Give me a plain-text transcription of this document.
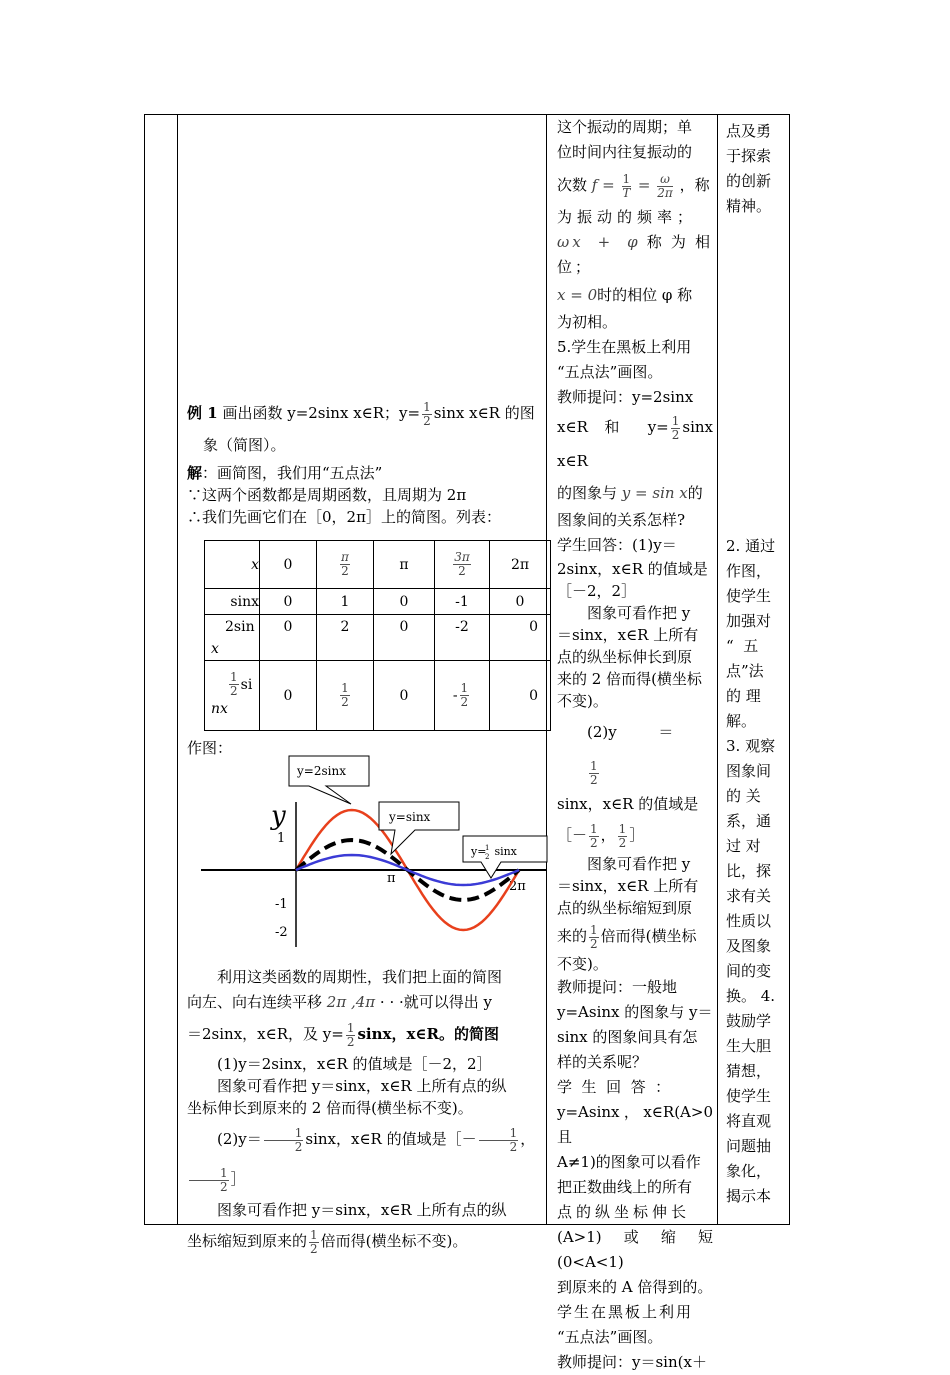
这个振动的周期；单

位时间内往复振动的

次数 $f = \frac{1}{T} = \frac{\omega}{2\pi}$ ，称

为振动的频率；

ωx + φ称为相位；

x = 0时的相位 φ 称

为初相。

5.学生在黑板上利用

“五点法”画图。

教师提问：y=2sinx

x∈R 和 $y= \frac{1}{2}$ sinx x∈R

的图象与 y = sin x的

图象间的关系怎样?

学生回答：(1)y＝

2sinx，x∈R 的值域是

［－2，2］

图象可看作把 y

＝sinx，x∈R 上所有

点的纵坐标伸长到原

来的 2 倍而得(横坐标

不变)。

(2)y	＝
$\frac{1}{2}$

sinx，x∈R 的值域是

［－ $\frac{1}{2}$ ， $\frac{1}{2}$ ］

图象可看作把 y

＝sinx，x∈R 上所有

点的纵坐标缩短到原

来的 $\frac{1}{2}$ 倍而得(横坐标

不变)。

教师提问：一般地

y=Asinx 的图象与 y＝

sinx 的图象间具有怎

样的关系呢？

学  生  回  答  ：

y=Asinx，x∈R(A>0 且

A≠1)的图象可以看作

把正数曲线上的所有

点的纵坐标伸长

(A>1)或缩短(0<A<1)

到原来的 A 倍得到的。

学生在黑板上利用

“五点法”画图。

教师提问：y＝sin(x＋

点及勇

于探索

的创新

精神。

2. 通过

作图，

使学生

加强对

“  五

点”法

的 理

解。

3. 观察

图象间

的 关

系，通

过 对

比，探

求有关

性质以

及图象

间的变

换。 4.

鼓励学

生大胆

猜想，

使学生

将直观

问题抽

象化，

揭示本

例 1 画出函数 y=2sinx x∈R；$y= \frac{1}{2}$ sinx x∈R 的图

象（简图）。

解：画简图，我们用“五点法”

∵这两个函数都是周期函数，且周期为 2π

∴我们先画它们在［0，2π］上的简图。列表：

x	0	$\frac{\pi}{2}$	π	$\frac{3\pi}{2}$	2π
sinx	0	1	0	-1	0
2sin
x	0	2	0	-2	0

$\frac{1}{2}$ si
nx	0	$\frac{1}{2}$	0	- $\frac{1}{2}$	0
作图：
y
1
-1
-2
π
2π
y=2sinx
y=sinx
y= sinx
1
2

利用这类函数的周期性，我们把上面的简图

向左、向右连续平移 2π ,4π · · ·就可以得出 y

＝2sinx，x∈R，及 $y= \frac{1}{2}$ sinx，x∈R。的简图

(1)y＝2sinx，x∈R 的值域是［－2，2］

图象可看作把 y＝sinx，x∈R 上所有点的纵

坐标伸长到原来的 2 倍而得(横坐标不变)。

$(2)y= \frac{1}{2}$ sinx，x∈R 的值域是［－ $\frac{1}{2}$ ，
$\frac{1}{2}$ ］

图象可看作把 y＝sinx，x∈R 上所有点的纵

坐标缩短到原来的 $\frac{1}{2}$ 倍而得(横坐标不变)。
